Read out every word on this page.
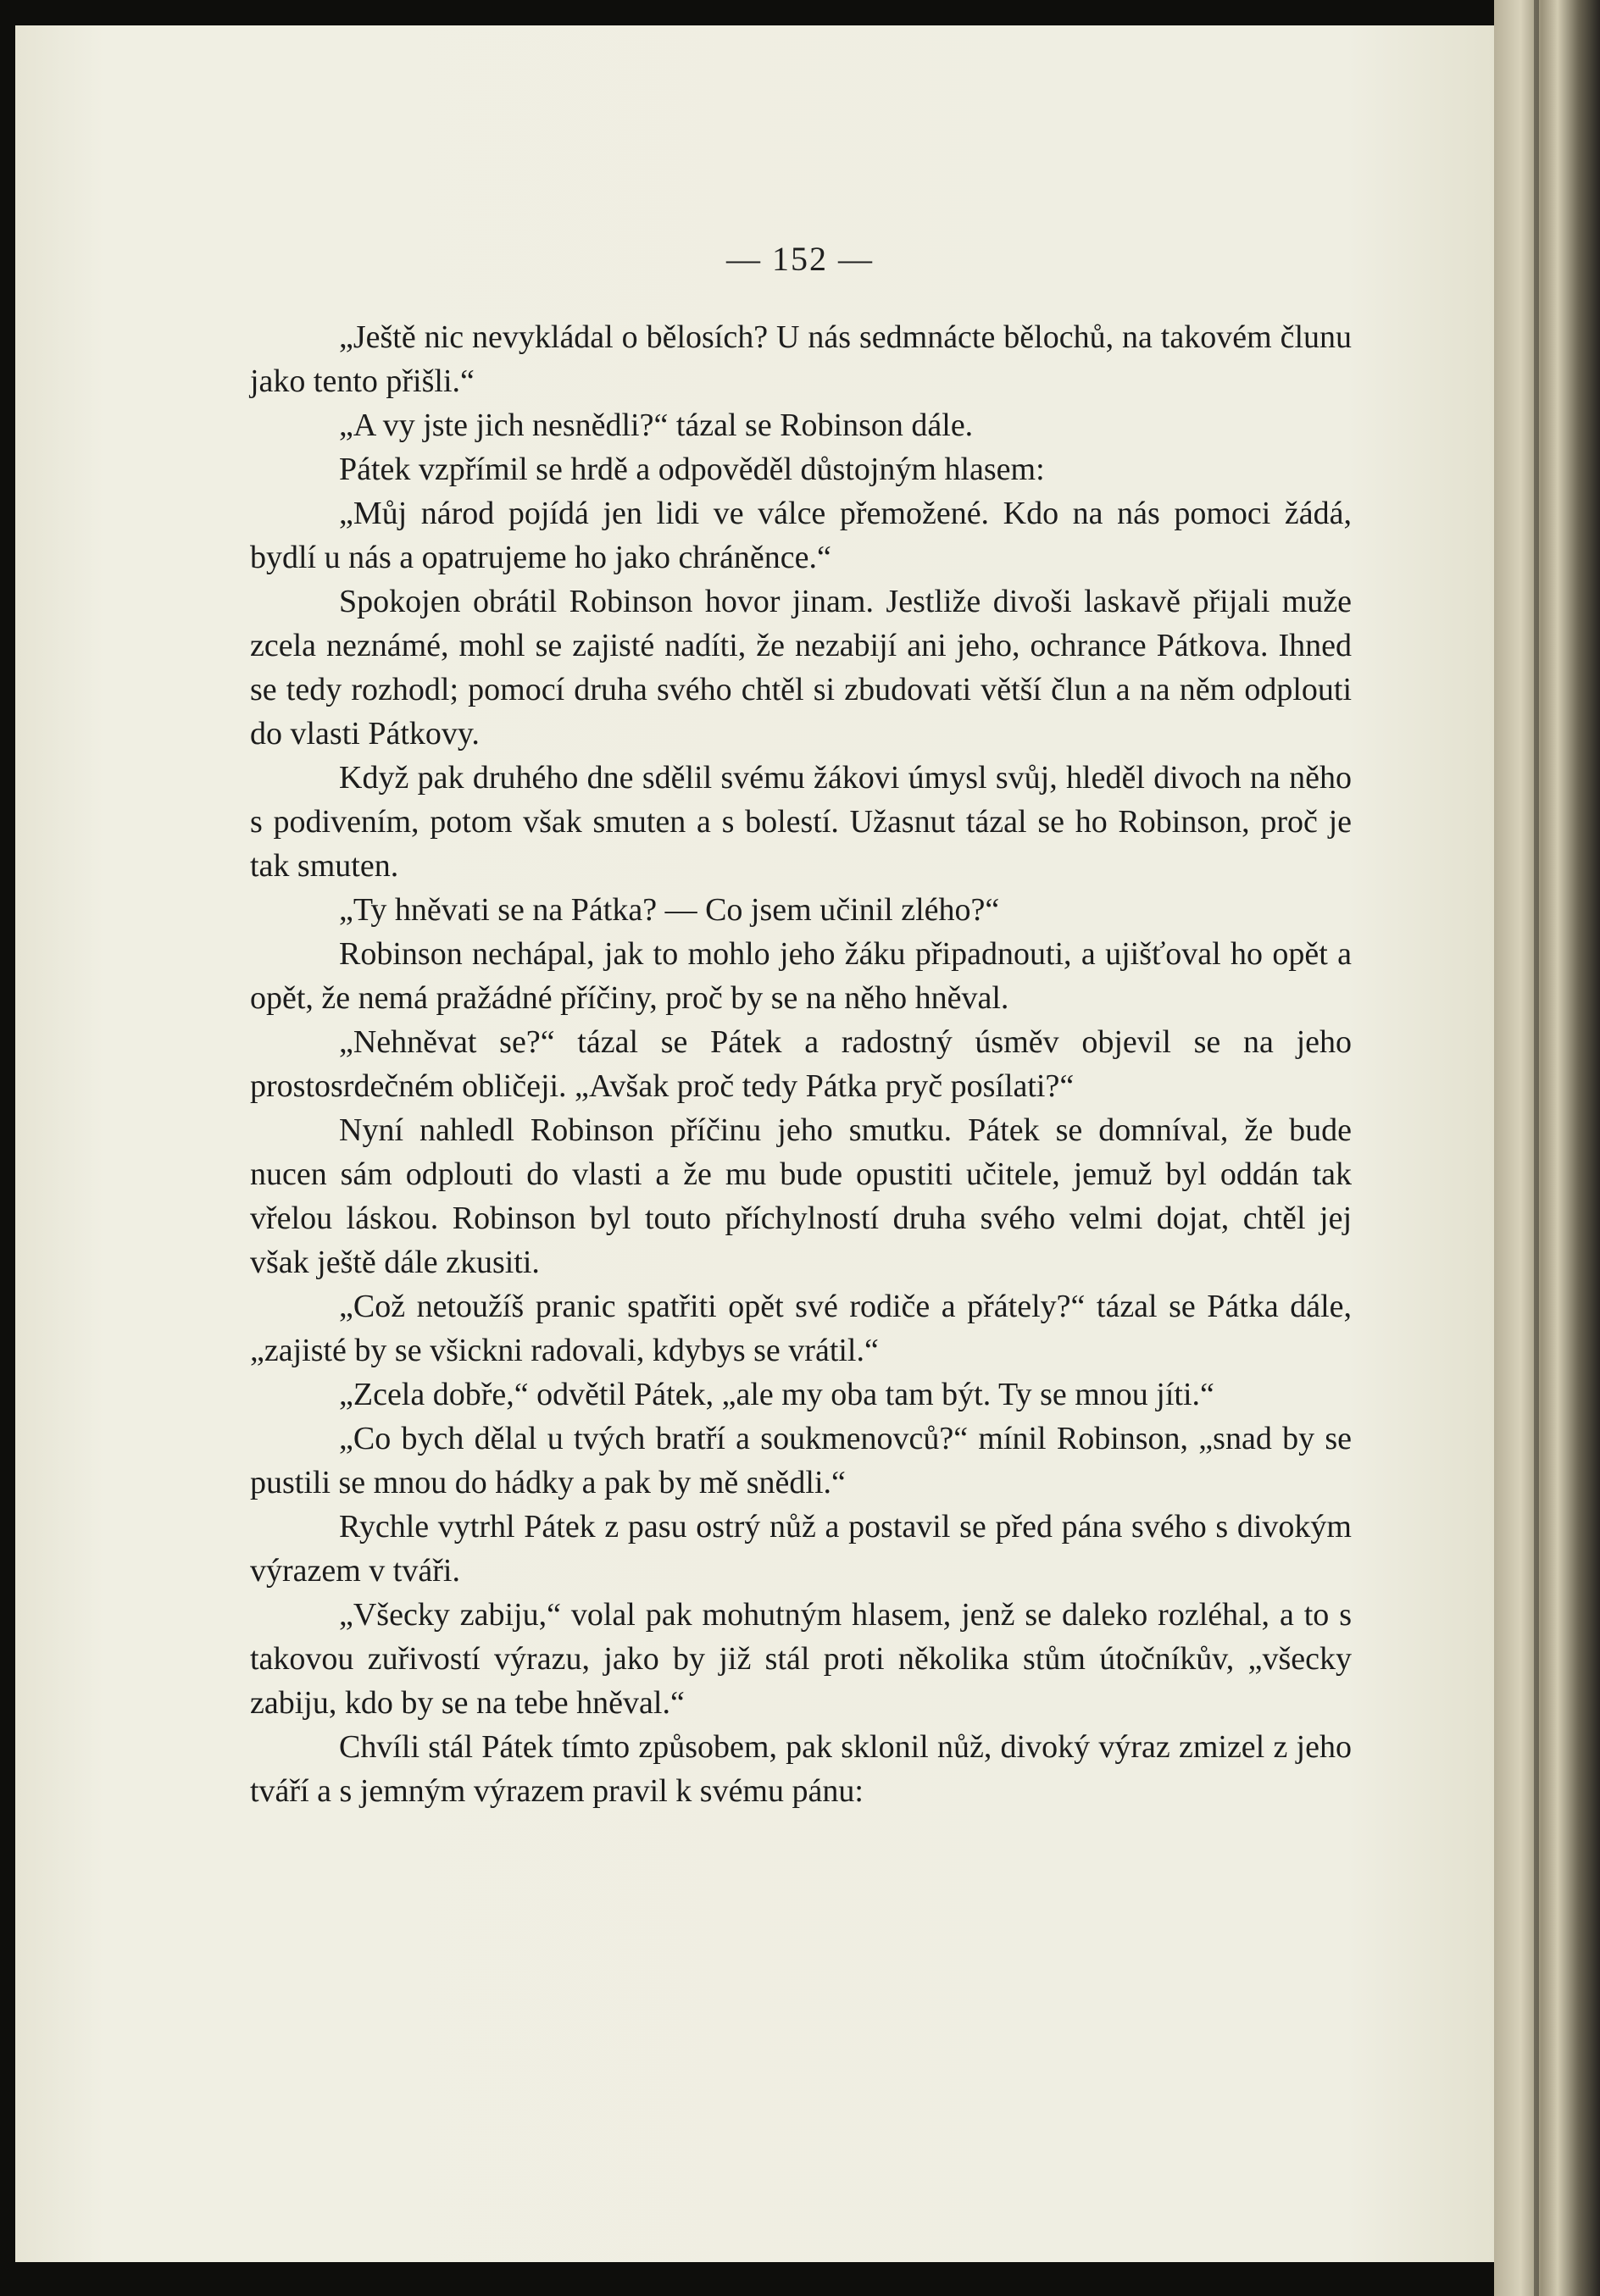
— 152 —

„Ještě nic nevykládal o bělosích? U nás sedmnácte bělochů, na takovém člunu jako tento přišli.“

„A vy jste jich nesnědli?“ tázal se Robinson dále.

Pátek vzpřímil se hrdě a odpověděl důstojným hlasem:

„Můj národ pojídá jen lidi ve válce přemožené. Kdo na nás pomoci žádá, bydlí u nás a opatrujeme ho jako chráněnce.“

Spokojen obrátil Robinson hovor jinam. Jestliže divoši laskavě přijali muže zcela neznámé, mohl se zajisté nadíti, že nezabijí ani jeho, ochrance Pátkova. Ihned se tedy rozhodl; pomocí druha svého chtěl si zbudovati větší člun a na něm odplouti do vlasti Pátkovy.

Když pak druhého dne sdělil svému žákovi úmysl svůj, hleděl divoch na něho s podivením, potom však smuten a s bolestí. Užasnut tázal se ho Robinson, proč je tak smuten.

„Ty hněvati se na Pátka? — Co jsem učinil zlého?“

Robinson nechápal, jak to mohlo jeho žáku připadnouti, a ujišťoval ho opět a opět, že nemá pražádné příčiny, proč by se na něho hněval.

„Nehněvat se?“ tázal se Pátek a radostný úsměv objevil se na jeho prostosrdečném obličeji. „Avšak proč tedy Pátka pryč posílati?“

Nyní nahledl Robinson příčinu jeho smutku. Pátek se domníval, že bude nucen sám odplouti do vlasti a že mu bude opustiti učitele, jemuž byl oddán tak vřelou láskou. Robinson byl touto příchylností druha svého velmi dojat, chtěl jej však ještě dále zkusiti.

„Což netoužíš pranic spatřiti opět své rodiče a přátely?“ tázal se Pátka dále, „zajisté by se všickni radovali, kdybys se vrátil.“

„Zcela dobře,“ odvětil Pátek, „ale my oba tam být. Ty se mnou jíti.“

„Co bych dělal u tvých bratří a soukmenovců?“ mínil Robinson, „snad by se pustili se mnou do hádky a pak by mě snědli.“

Rychle vytrhl Pátek z pasu ostrý nůž a postavil se před pána svého s divokým výrazem v tváři.

„Všecky zabiju,“ volal pak mohutným hlasem, jenž se daleko rozléhal, a to s takovou zuřivostí výrazu, jako by již stál proti několika stům útočníkův, „všecky zabiju, kdo by se na tebe hněval.“

Chvíli stál Pátek tímto způsobem, pak sklonil nůž, divoký výraz zmizel z jeho tváří a s jemným výrazem pravil k svému pánu:
